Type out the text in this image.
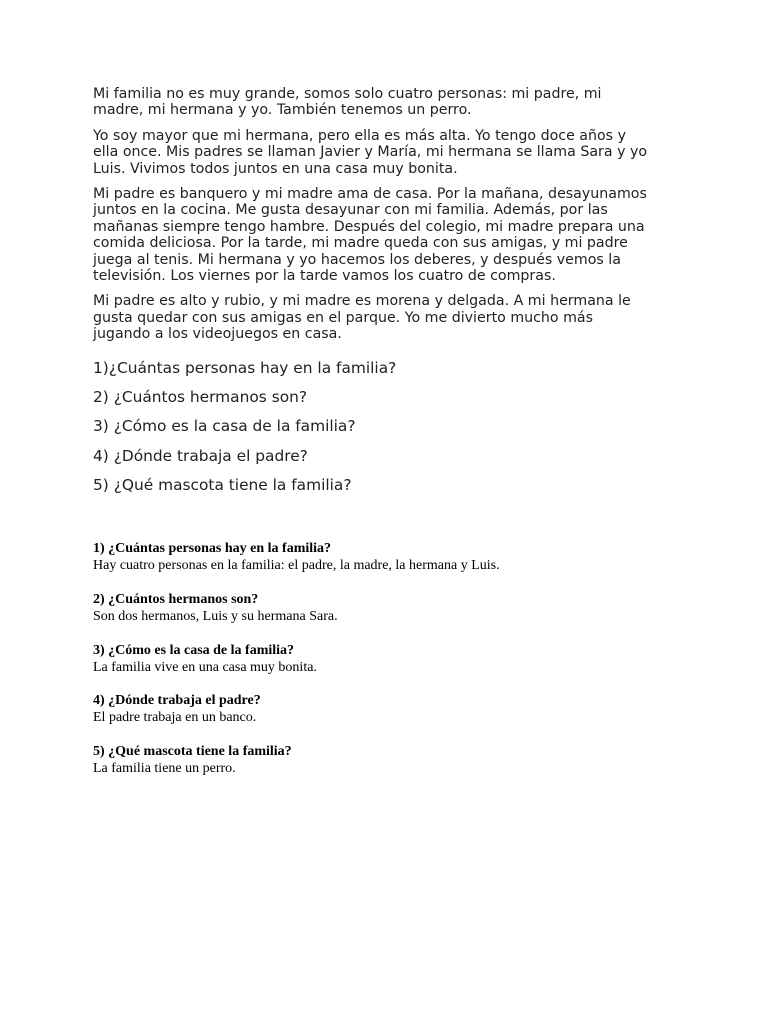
Mi familia no es muy grande, somos solo cuatro personas: mi padre, mi
madre, mi hermana y yo. También tenemos un perro.

Yo soy mayor que mi hermana, pero ella es más alta. Yo tengo doce años y
ella once. Mis padres se llaman Javier y María, mi hermana se llama Sara y yo
Luis. Vivimos todos juntos en una casa muy bonita.

Mi padre es banquero y mi madre ama de casa. Por la mañana, desayunamos
juntos en la cocina. Me gusta desayunar con mi familia. Además, por las
mañanas siempre tengo hambre. Después del colegio, mi madre prepara una
comida deliciosa. Por la tarde, mi madre queda con sus amigas, y mi padre
juega al tenis. Mi hermana y yo hacemos los deberes, y después vemos la
televisión. Los viernes por la tarde vamos los cuatro de compras.

Mi padre es alto y rubio, y mi madre es morena y delgada. A mi hermana le
gusta quedar con sus amigas en el parque. Yo me divierto mucho más
jugando a los videojuegos en casa.

1)¿Cuántas personas hay en la familia?
2) ¿Cuántos hermanos son?
3) ¿Cómo es la casa de la familia?
4) ¿Dónde trabaja el padre?
5) ¿Qué mascota tiene la familia?
1) ¿Cuántas personas hay en la familia?
Hay cuatro personas en la familia: el padre, la madre, la hermana y Luis.
2) ¿Cuántos hermanos son?
Son dos hermanos, Luis y su hermana Sara.
3) ¿Cómo es la casa de la familia?
La familia vive en una casa muy bonita.
4) ¿Dónde trabaja el padre?
El padre trabaja en un banco.
5) ¿Qué mascota tiene la familia?
La familia tiene un perro.
